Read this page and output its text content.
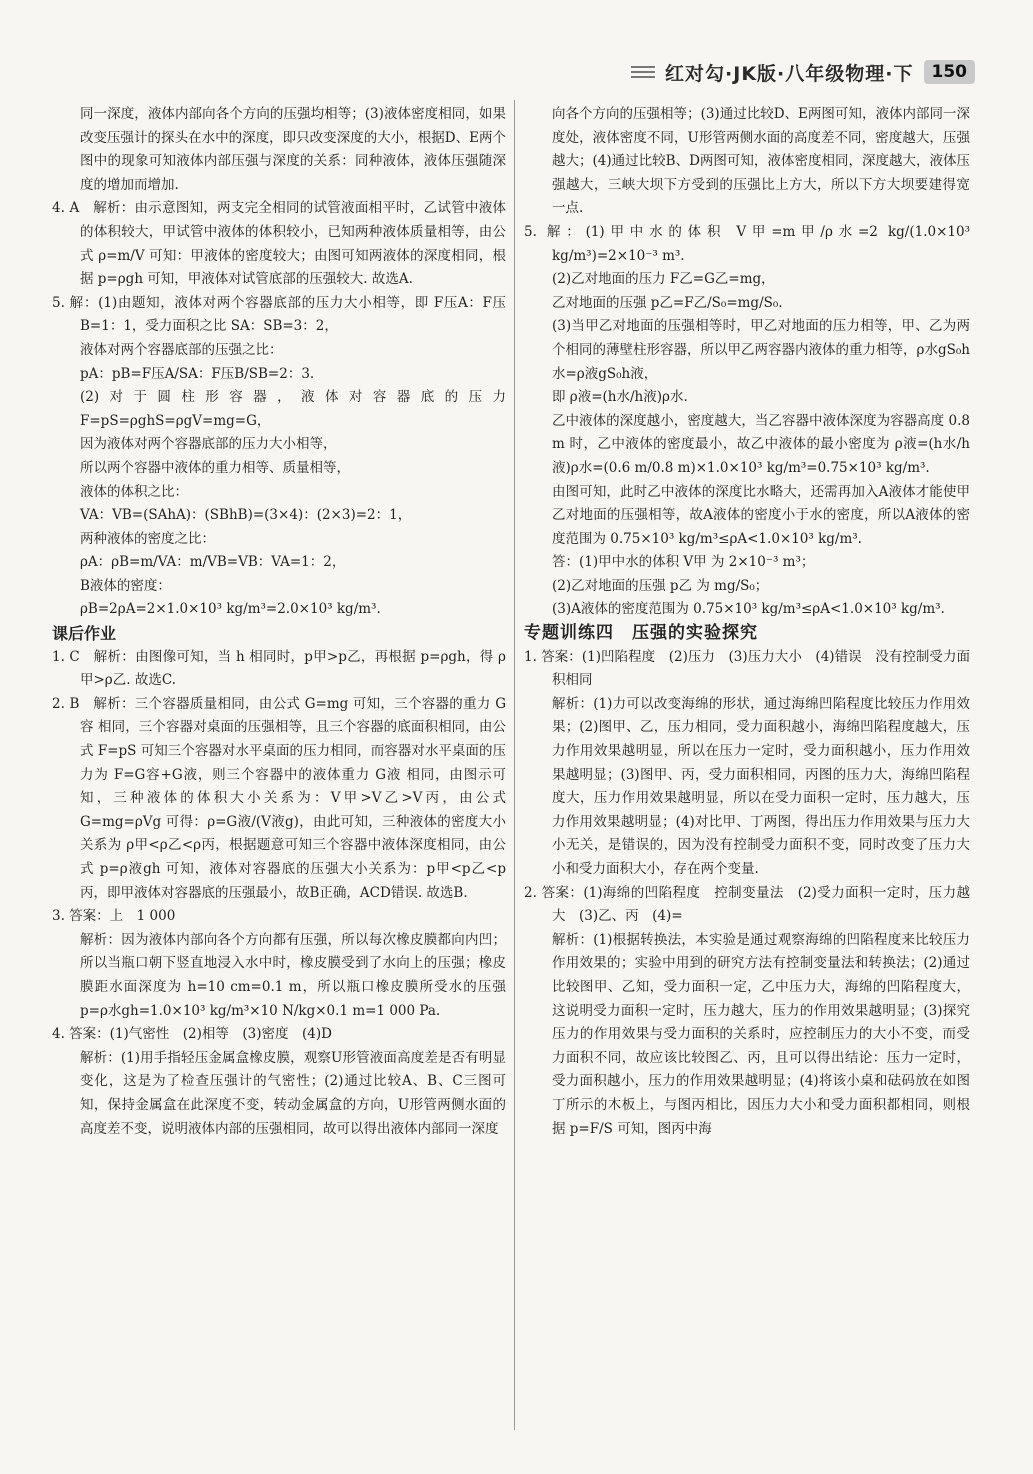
红对勾·JK版·八年级物理·下	150

同一深度，液体内部向各个方向的压强均相等；(3)液体密度相同，如果改变压强计的探头在水中的深度，即只改变深度的大小，根据D、E两个图中的现象可知液体内部压强与深度的关系：同种液体，液体压强随深度的增加而增加.

4. A　解析：由示意图知，两支完全相同的试管液面相平时，乙试管中液体的体积较大，甲试管中液体的体积较小，已知两种液体质量相等，由公式 ρ=m/V 可知：甲液体的密度较大；由图可知两液体的深度相同，根据 p=ρgh 可知，甲液体对试管底部的压强较大. 故选A.

5. 解：(1)由题知，液体对两个容器底部的压力大小相等，即 F压A：F压B=1：1，受力面积之比 SA：SB=3：2，

液体对两个容器底部的压强之比：

pA：pB=F压A/SA：F压B/SB=2：3.

(2)对于圆柱形容器，液体对容器底的压力 F=pS=ρghS=ρgV=mg=G，

因为液体对两个容器底部的压力大小相等，

所以两个容器中液体的重力相等、质量相等，

液体的体积之比：

VA：VB=(SAhA)：(SBhB)=(3×4)：(2×3)=2：1，

两种液体的密度之比：

ρA：ρB=m/VA：m/VB=VB：VA=1：2，

B液体的密度：

ρB=2ρA=2×1.0×10³ kg/m³=2.0×10³ kg/m³.

课后作业

1. C　解析：由图像可知，当 h 相同时，p甲>p乙，再根据 p=ρgh，得 ρ甲>ρ乙. 故选C.

2. B　解析：三个容器质量相同，由公式 G=mg 可知，三个容器的重力 G容 相同，三个容器对桌面的压强相等，且三个容器的底面积相同，由公式 F=pS 可知三个容器对水平桌面的压力相同，而容器对水平桌面的压力为 F=G容+G液，则三个容器中的液体重力 G液 相同，由图示可知，三种液体的体积大小关系为：V甲>V乙>V丙，由公式 G=mg=ρVg 可得：ρ=G液/(V液g)，由此可知，三种液体的密度大小关系为 ρ甲<ρ乙<ρ丙，根据题意可知三个容器中液体深度相同，由公式 p=ρ液gh 可知，液体对容器底的压强大小关系为：p甲<p乙<p丙，即甲液体对容器底的压强最小，故B正确，ACD错误. 故选B.

3. 答案：上　1 000

解析：因为液体内部向各个方向都有压强，所以每次橡皮膜都向内凹；所以当瓶口朝下竖直地浸入水中时，橡皮膜受到了水向上的压强；橡皮膜距水面深度为 h=10 cm=0.1 m，所以瓶口橡皮膜所受水的压强 p=ρ水gh=1.0×10³ kg/m³×10 N/kg×0.1 m=1 000 Pa.

4. 答案：(1)气密性　(2)相等　(3)密度　(4)D

解析：(1)用手指轻压金属盒橡皮膜，观察U形管液面高度差是否有明显变化，这是为了检查压强计的气密性；(2)通过比较A、B、C三图可知，保持金属盒在此深度不变，转动金属盒的方向，U形管两侧水面的高度差不变，说明液体内部的压强相同，故可以得出液体内部同一深度

向各个方向的压强相等；(3)通过比较D、E两图可知，液体内部同一深度处，液体密度不同，U形管两侧水面的高度差不同，密度越大，压强越大；(4)通过比较B、D两图可知，液体密度相同，深度越大，液体压强越大，三峡大坝下方受到的压强比上方大，所以下方大坝要建得宽一点.

5. 解：(1)甲中水的体积 V甲=m甲/ρ水=2 kg/(1.0×10³ kg/m³)=2×10⁻³ m³.

(2)乙对地面的压力 F乙=G乙=mg，

乙对地面的压强 p乙=F乙/S₀=mg/S₀.

(3)当甲乙对地面的压强相等时，甲乙对地面的压力相等，甲、乙为两个相同的薄壁柱形容器，所以甲乙两容器内液体的重力相等，ρ水gS₀h水=ρ液gS₀h液，

即 ρ液=(h水/h液)ρ水.

乙中液体的深度越小，密度越大，当乙容器中液体深度为容器高度 0.8 m 时，乙中液体的密度最小，故乙中液体的最小密度为 ρ液=(h水/h液)ρ水=(0.6 m/0.8 m)×1.0×10³ kg/m³=0.75×10³ kg/m³.

由图可知，此时乙中液体的深度比水略大，还需再加入A液体才能使甲乙对地面的压强相等，故A液体的密度小于水的密度，所以A液体的密度范围为 0.75×10³ kg/m³≤ρA<1.0×10³ kg/m³.

答：(1)甲中水的体积 V甲 为 2×10⁻³ m³；

(2)乙对地面的压强 p乙 为 mg/S₀；

(3)A液体的密度范围为 0.75×10³ kg/m³≤ρA<1.0×10³ kg/m³.

专题训练四　压强的实验探究

1. 答案：(1)凹陷程度　(2)压力　(3)压力大小　(4)错误　没有控制受力面积相同

解析：(1)力可以改变海绵的形状，通过海绵凹陷程度比较压力作用效果；(2)图甲、乙，压力相同，受力面积越小，海绵凹陷程度越大，压力作用效果越明显，所以在压力一定时，受力面积越小，压力作用效果越明显；(3)图甲、丙，受力面积相同，丙图的压力大，海绵凹陷程度大，压力作用效果越明显，所以在受力面积一定时，压力越大，压力作用效果越明显；(4)对比甲、丁两图，得出压力作用效果与压力大小无关，是错误的，因为没有控制受力面积不变，同时改变了压力大小和受力面积大小，存在两个变量.

2. 答案：(1)海绵的凹陷程度　控制变量法　(2)受力面积一定时，压力越大　(3)乙、丙　(4)=

解析：(1)根据转换法，本实验是通过观察海绵的凹陷程度来比较压力作用效果的；实验中用到的研究方法有控制变量法和转换法；(2)通过比较图甲、乙知，受力面积一定，乙中压力大，海绵的凹陷程度大，这说明受力面积一定时，压力越大，压力的作用效果越明显；(3)探究压力的作用效果与受力面积的关系时，应控制压力的大小不变，而受力面积不同，故应该比较图乙、丙，且可以得出结论：压力一定时，受力面积越小，压力的作用效果越明显；(4)将该小桌和砝码放在如图丁所示的木板上，与图丙相比，因压力大小和受力面积都相同，则根据 p=F/S 可知，图丙中海
